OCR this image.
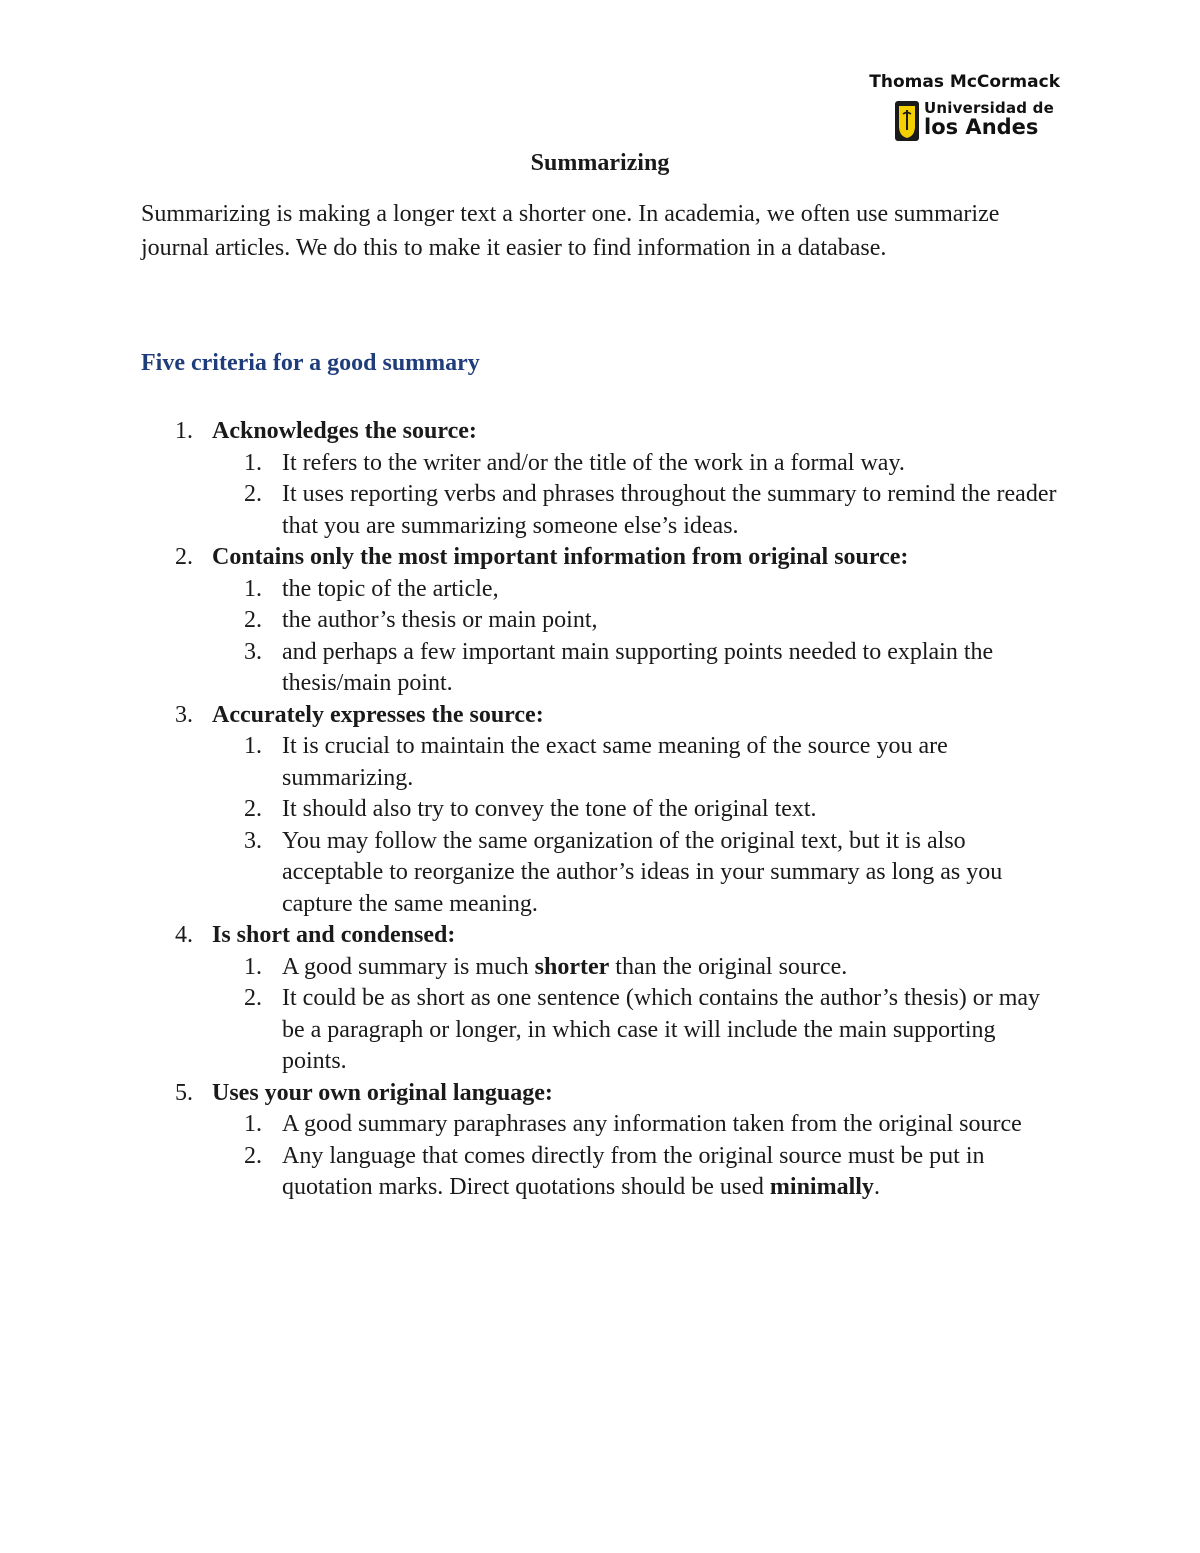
Thomas McCormack
Universidad de
los Andes
Summarizing

Summarizing is making a longer text a shorter one. In academia, we often use summarize journal articles. We do this to make it easier to find information in a database.

Five criteria for a good summary
1. Acknowledges the source:
1. It refers to the writer and/or the title of the work in a formal way.
2. It uses reporting verbs and phrases throughout the summary to remind the reader that you are summarizing someone else’s ideas.
2. Contains only the most important information from original source:
1. the topic of the article,
2. the author’s thesis or main point,
3. and perhaps a few important main supporting points needed to explain the thesis/main point.
3. Accurately expresses the source:
1. It is crucial to maintain the exact same meaning of the source you are summarizing.
2. It should also try to convey the tone of the original text.
3. You may follow the same organization of the original text, but it is also acceptable to reorganize the author’s ideas in your summary as long as you capture the same meaning.
4. Is short and condensed:
1. A good summary is much shorter than the original source.
2. It could be as short as one sentence (which contains the author’s thesis) or may be a paragraph or longer, in which case it will include the main supporting points.
5. Uses your own original language:
1. A good summary paraphrases any information taken from the original source
2. Any language that comes directly from the original source must be put in quotation marks. Direct quotations should be used minimally.
